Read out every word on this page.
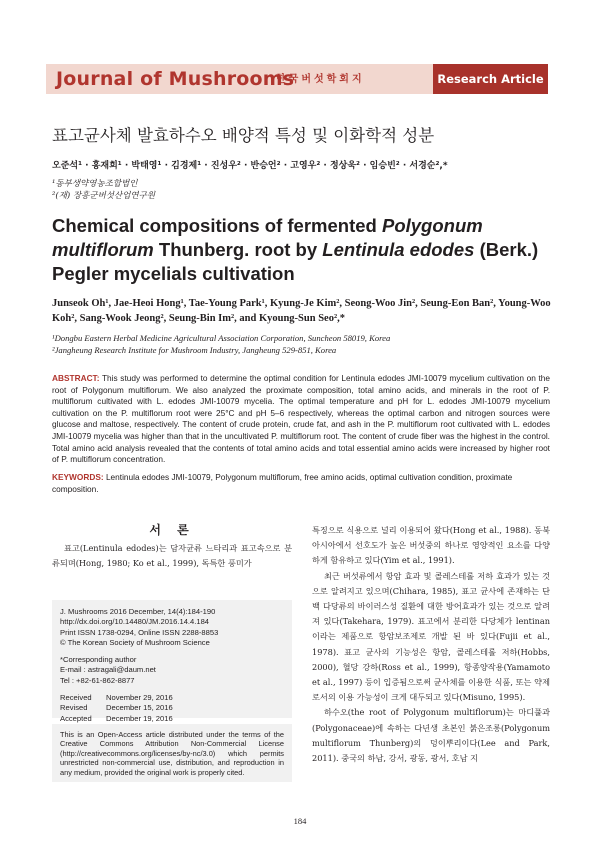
Journal of Mushrooms
한국버섯학회지	Research Article
표고균사체 발효하수오 배양적 특성 및 이화학적 성분
오준석¹ · 홍재희¹ · 박태영¹ · 김경제¹ · 진성우² · 반승언² · 고영우² · 정상욱² · 임승빈² · 서경순²,*
¹동부생약영농조합법인
²(재) 장흥군버섯산업연구원
Chemical compositions of fermented Polygonum multiflorum Thunberg. root by Lentinula edodes (Berk.) Pegler mycelials cultivation
Junseok Oh¹, Jae-Heoi Hong¹, Tae-Young Park¹, Kyung-Je Kim², Seong-Woo Jin², Seung-Eon Ban², Young-Woo Koh², Sang-Wook Jeong², Seung-Bin Im², and Kyoung-Sun Seo²,*
¹Dongbu Eastern Herbal Medicine Agricultural Association Corporation, Suncheon 58019, Korea
²Jangheung Research Institute for Mushroom Industry, Jangheung 529-851, Korea
ABSTRACT: This study was performed to determine the optimal condition for Lentinula edodes JMI-10079 mycelium cultivation on the root of Polygonum multiflorum. We also analyzed the proximate composition, total amino acids, and minerals in the root of P. multiflorum cultivated with L. edodes JMI-10079 mycelia. The optimal temperature and pH for L. edodes JMI-10079 mycelium cultivation on the P. multiflorum root were 25°C and pH 5–6 respectively, whereas the optimal carbon and nitrogen sources were glucose and maltose, respectively. The content of crude protein, crude fat, and ash in the P. multiflorum root cultivated with L. edodes JMI-10079 mycelia was higher than that in the uncultivated P. multiflorum root. The content of crude fiber was the highest in the control. Total amino acid analysis revealed that the contents of total amino acids and total essential amino acids were increased by higher root of P. multiflorum concentration.
KEYWORDS: Lentinula edodes JMI-10079, Polygonum multiflorum, free amino acids, optimal cultivation condition, proximate composition.
서 론
표고(Lentinula edodes)는 담자균류 느타리과 표고속으로 분류되며(Hong, 1980; Ko et al., 1999), 독특한 풍미가
J. Mushrooms 2016 December, 14(4):184-190
http://dx.doi.org/10.14480/JM.2016.14.4.184
Print ISSN 1738-0294, Online ISSN 2288-8853
© The Korean Society of Mushroom Science
*Corresponding author
E-mail : astragali@daum.net
Tel : +82-61-862-8877
Received November 29, 2016
Revised December 15, 2016
Accepted December 19, 2016
This is an Open-Access article distributed under the terms of the Creative Commons Attribution Non-Commercial License (http://creativecommons.org/licenses/by-nc/3.0) which permits unrestricted non-commercial use, distribution, and reproduction in any medium, provided the original work is properly cited.
특징으로 식용으로 널리 이용되어 왔다(Hong et al., 1988). 동북아시아에서 선호도가 높은 버섯중의 하나로 영양적인 요소를 다양하게 함유하고 있다(Yim et al., 1991).
최근 버섯류에서 항암 효과 및 콜레스테롤 저하 효과가 있는 것으로 알려지고 있으며(Chihara, 1985), 표고 균사에 존재하는 단백 다당류의 바이러스성 질환에 대한 방어효과가 있는 것으로 알려져 있다(Takehara, 1979). 표고에서 분리한 다당체가 lentinan이라는 제품으로 항암보조제로 개발 된 바 있다(Fujii et al., 1978). 표고 균사의 기능성은 항암, 콜레스테롤 저하(Hobbs, 2000), 혈당 강하(Ross et al., 1999), 항종양작용(Yamamoto et al., 1997) 등이 입증됨으로써 균사체를 이용한 식품, 또는 약제로서의 이용 가능성이 크게 대두되고 있다(Misuno, 1995).
하수오(the root of Polygonum multiflorum)는 마디풀과(Polygonaceae)에 속하는 다년생 초본인 붉은조롱(Polygonum multiflorum Thunberg)의 덩이뿌리이다(Lee and Park, 2011). 중국의 하남, 강서, 광동, 광서, 호남 지
184
